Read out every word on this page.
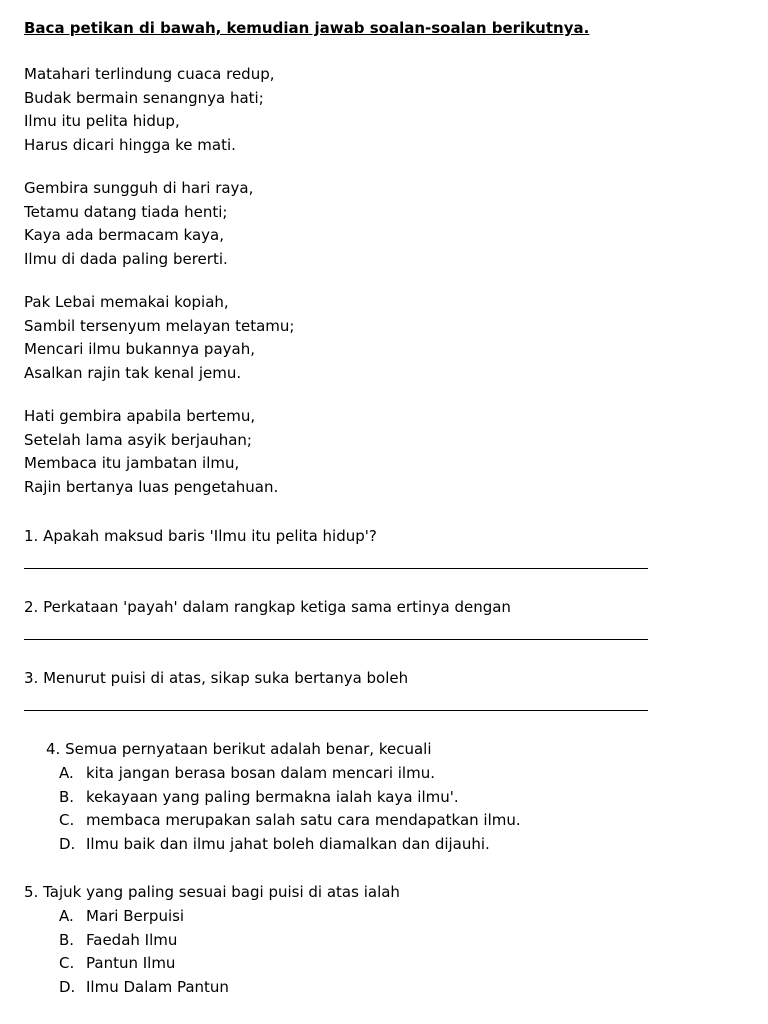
Baca petikan di bawah, kemudian jawab soalan-soalan berikutnya.
Matahari terlindung cuaca redup,
Budak bermain senangnya hati;
Ilmu itu pelita hidup,
Harus dicari hingga ke mati.
Gembira sungguh di hari raya,
Tetamu datang tiada henti;
Kaya ada bermacam kaya,
Ilmu di dada paling bererti.
Pak Lebai memakai kopiah,
Sambil tersenyum melayan tetamu;
Mencari ilmu bukannya payah,
Asalkan rajin tak kenal jemu.
Hati gembira apabila bertemu,
Setelah lama asyik berjauhan;
Membaca itu jambatan ilmu,
Rajin bertanya luas pengetahuan.
1. Apakah maksud baris 'Ilmu itu pelita hidup'?
2. Perkataan 'payah' dalam rangkap ketiga sama ertinya dengan
3. Menurut puisi di atas, sikap suka bertanya boleh
4. Semua pernyataan berikut adalah benar, kecuali
A. kita jangan berasa bosan dalam mencari ilmu.
B. kekayaan yang paling bermakna ialah kaya ilmu'.
C. membaca merupakan salah satu cara mendapatkan ilmu.
D. Ilmu baik dan ilmu jahat boleh diamalkan dan dijauhi.
5. Tajuk yang paling sesuai bagi puisi di atas ialah
A. Mari Berpuisi
B. Faedah Ilmu
C. Pantun Ilmu
D. Ilmu Dalam Pantun
